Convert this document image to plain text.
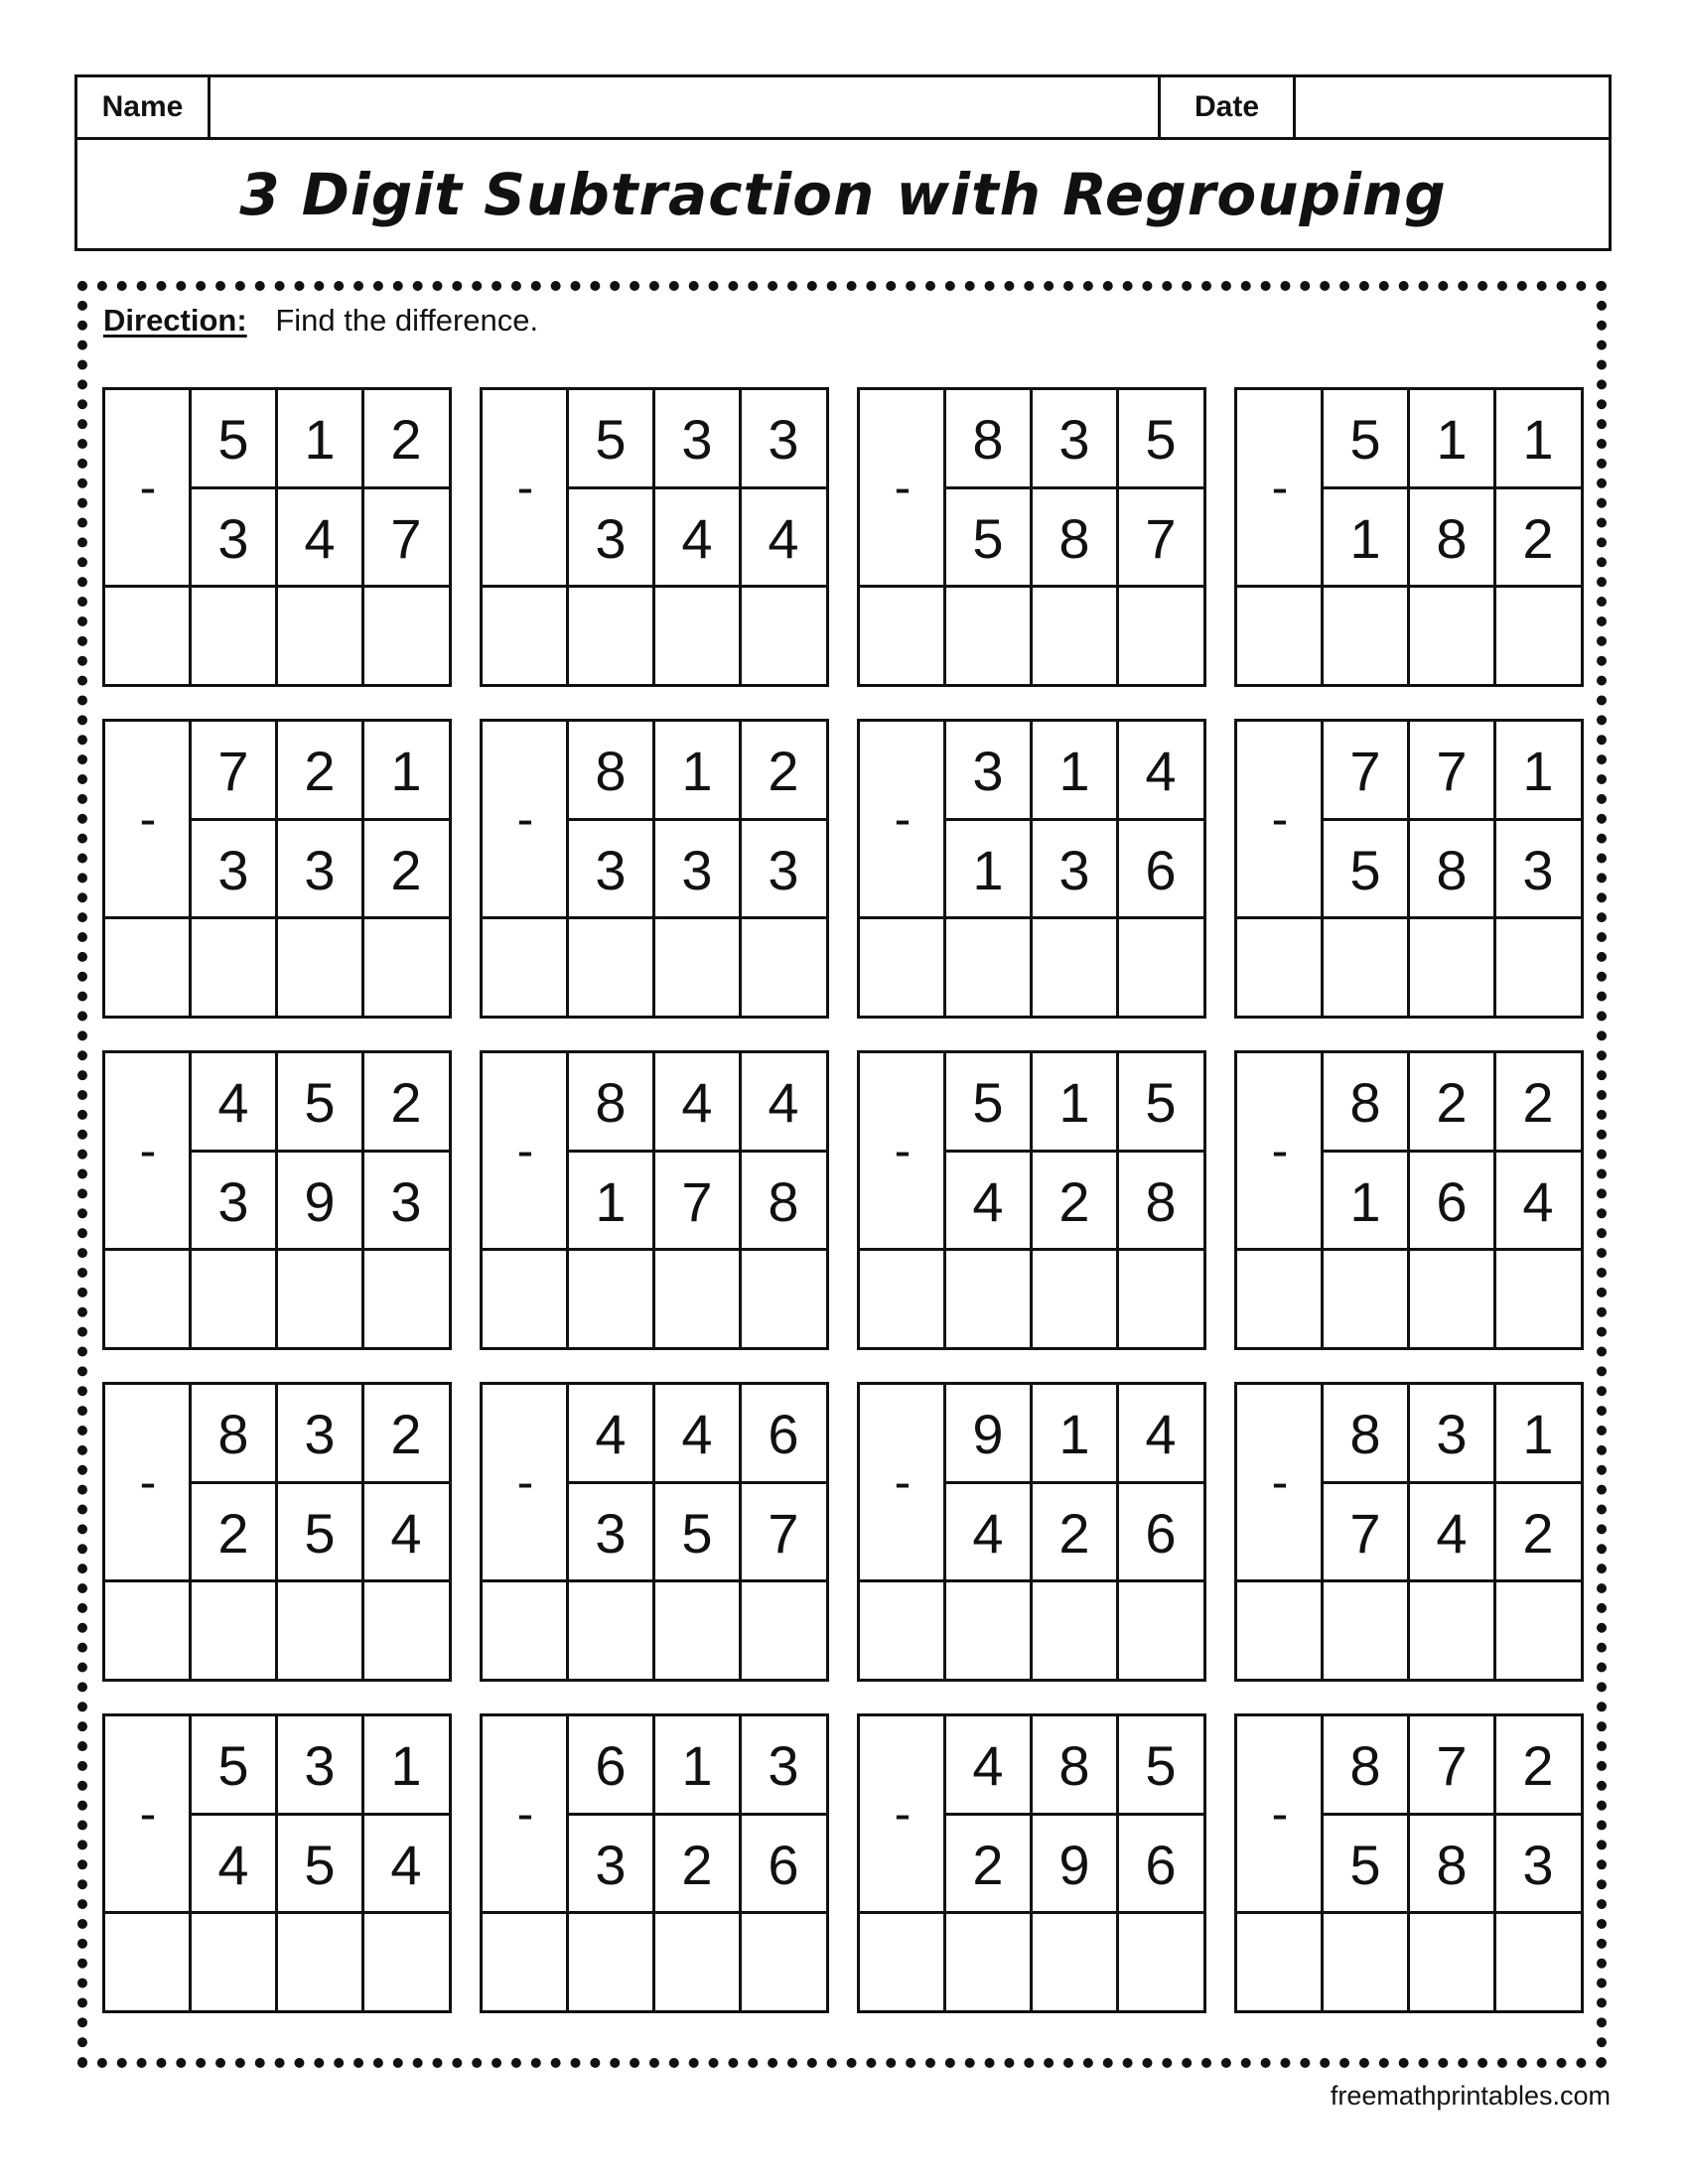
Name	Date
3 Digit Subtraction with Regrouping
Direction: Find the difference.
-
5 1 2
3 4 7
-
5 3 3
3 4 4
-
8 3 5
5 8 7
-
5 1 1
1 8 2
-
7 2 1
3 3 2
-
8 1 2
3 3 3
-
3 1 4
1 3 6
-
7 7 1
5 8 3
-
4 5 2
3 9 3
-
8 4 4
1 7 8
-
5 1 5
4 2 8
-
8 2 2
1 6 4
-
8 3 2
2 5 4
-
4 4 6
3 5 7
-
9 1 4
4 2 6
-
8 3 1
7 4 2
-
5 3 1
4 5 4
-
6 1 3
3 2 6
-
4 8 5
2 9 6
-
8 7 2
5 8 3
freemathprintables.com
